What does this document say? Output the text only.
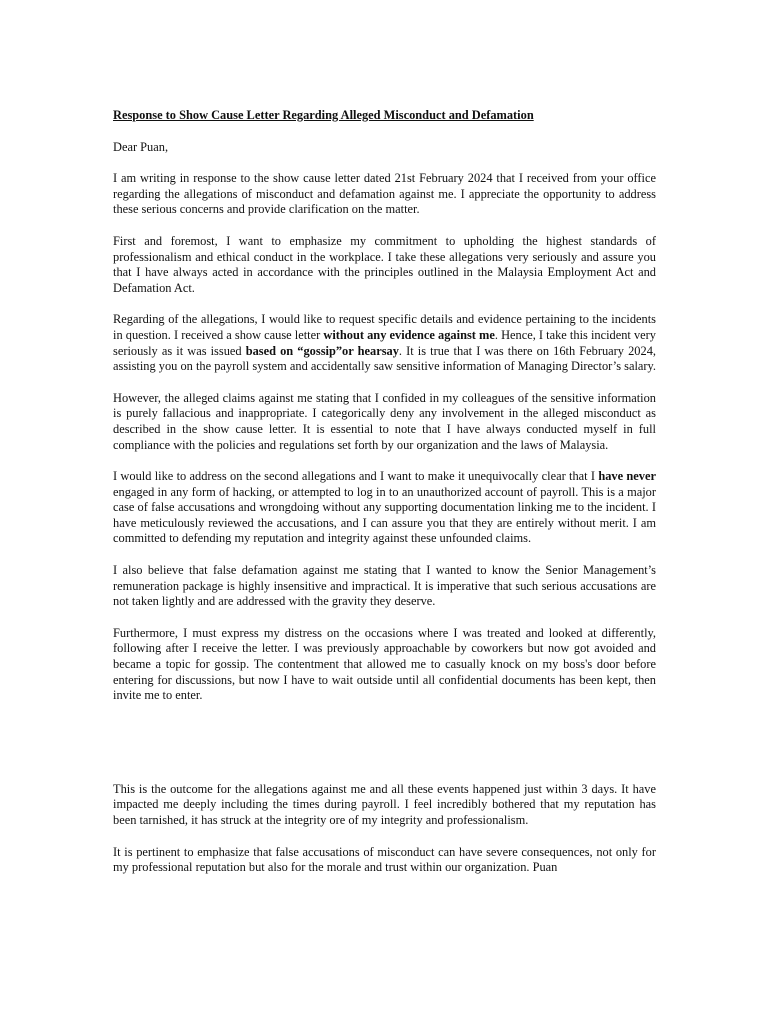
Response to Show Cause Letter Regarding Alleged Misconduct and Defamation

Dear Puan,

I am writing in response to the show cause letter dated 21st February 2024 that I received from your office regarding the allegations of misconduct and defamation against me. I appreciate the opportunity to address these serious concerns and provide clarification on the matter.

First and foremost, I want to emphasize my commitment to upholding the highest standards of professionalism and ethical conduct in the workplace. I take these allegations very seriously and assure you that I have always acted in accordance with the principles outlined in the Malaysia Employment Act and Defamation Act.

Regarding of the allegations, I would like to request specific details and evidence pertaining to the incidents in question. I received a show cause letter without any evidence against me. Hence, I take this incident very seriously as it was issued based on “gossip”or hearsay. It is true that I was there on 16th February 2024, assisting you on the payroll system and accidentally saw sensitive information of Managing Director’s salary.

However, the alleged claims against me stating that I confided in my colleagues of the sensitive information is purely fallacious and inappropriate. I categorically deny any involvement in the alleged misconduct as described in the show cause letter. It is essential to note that I have always conducted myself in full compliance with the policies and regulations set forth by our organization and the laws of Malaysia.

I would like to address on the second allegations and I want to make it unequivocally clear that I have never engaged in any form of hacking, or attempted to log in to an unauthorized account of payroll. This is a major case of false accusations and wrongdoing without any supporting documentation linking me to the incident. I have meticulously reviewed the accusations, and I can assure you that they are entirely without merit. I am committed to defending my reputation and integrity against these unfounded claims.

I also believe that false defamation against me stating that I wanted to know the Senior Management’s remuneration package is highly insensitive and impractical. It is imperative that such serious accusations are not taken lightly and are addressed with the gravity they deserve.

Furthermore, I must express my distress on the occasions where I was treated and looked at differently, following after I receive the letter. I was previously approachable by coworkers but now got avoided and became a topic for gossip. The contentment that allowed me to casually knock on my boss's door before entering for discussions, but now I have to wait outside until all confidential documents has been kept, then invite me to enter.

This is the outcome for the allegations against me and all these events happened just within 3 days. It have impacted me deeply including the times during payroll. I feel incredibly bothered that my reputation has been tarnished, it has struck at the integrity ore of my integrity and professionalism.

It is pertinent to emphasize that false accusations of misconduct can have severe consequences, not only for my professional reputation but also for the morale and trust within our organization. Puan
